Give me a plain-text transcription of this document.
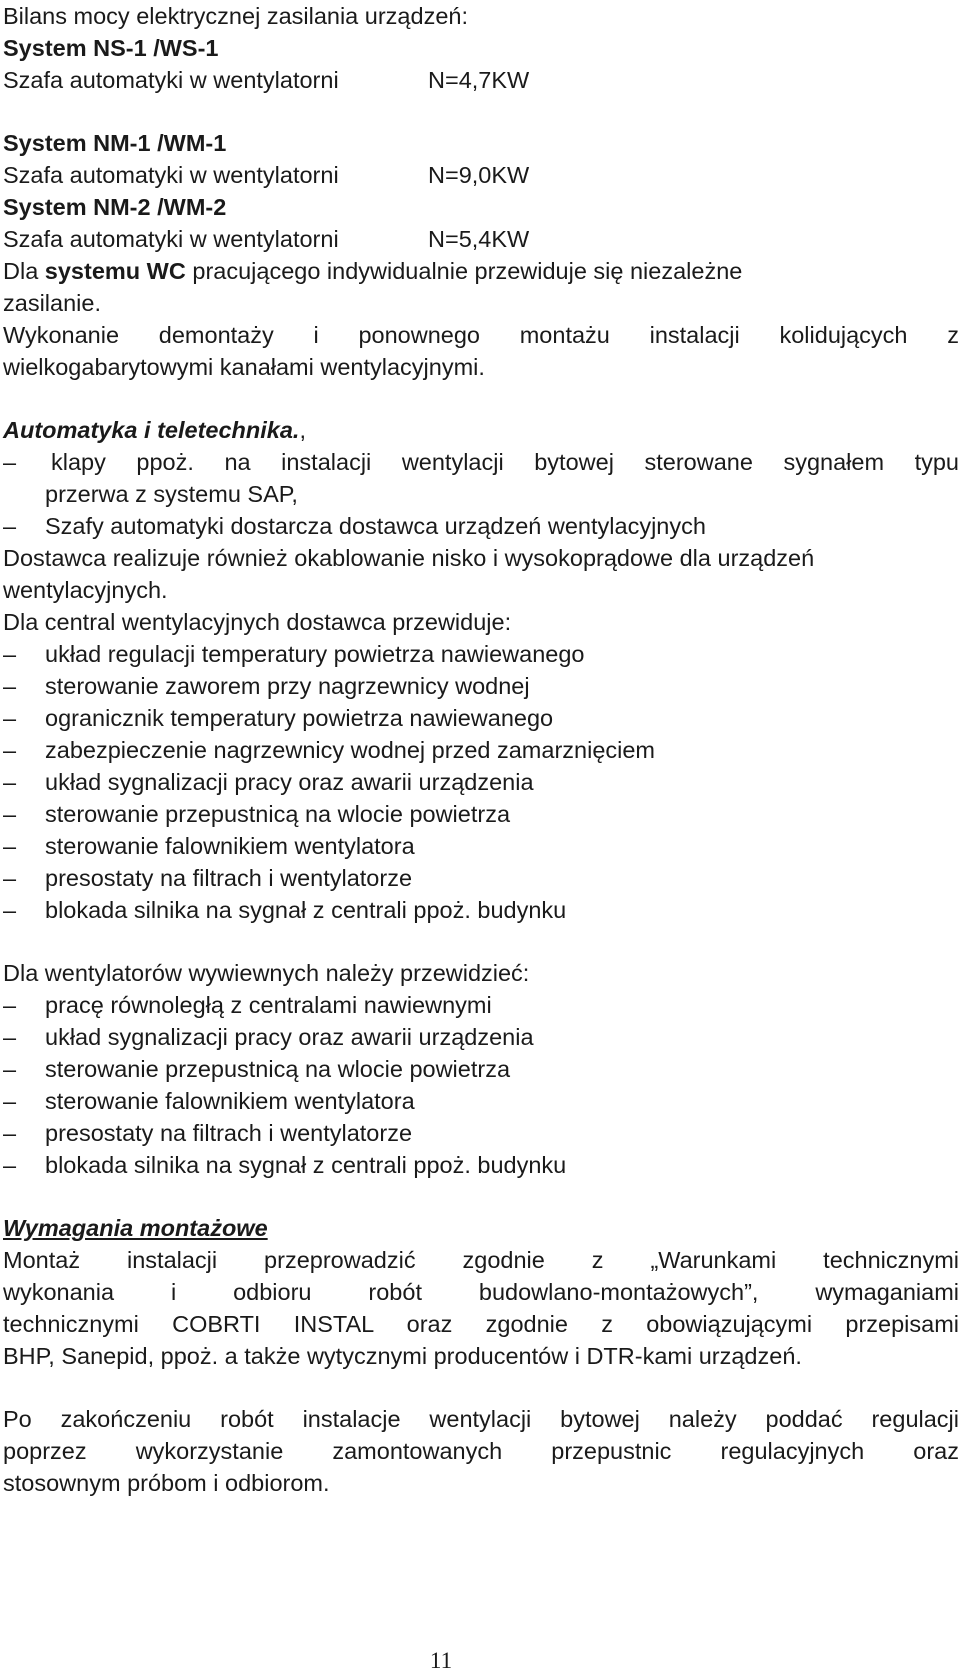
Bilans mocy elektrycznej zasilania urządzeń:
System NS-1 /WS-1
Szafa automatyki w wentylatorni	N=4,7KW
System NM-1 /WM-1
Szafa automatyki w wentylatorni	N=9,0KW
System NM-2 /WM-2
Szafa automatyki w wentylatorni	N=5,4KW
Dla systemu WC pracującego indywidualnie przewiduje się niezależne
zasilanie.
Wykonanie demontaży i ponownego montażu instalacji kolidujących z
wielkogabarytowymi kanałami wentylacyjnymi.
Automatyka i teletechnika.,
–	klapy ppoż. na instalacji wentylacji bytowej sterowane sygnałem typu
przerwa z systemu SAP,
–	Szafy automatyki dostarcza dostawca urządzeń wentylacyjnych
Dostawca realizuje również okablowanie nisko i wysokoprądowe dla urządzeń
wentylacyjnych.
Dla central wentylacyjnych dostawca przewiduje:
–	układ regulacji temperatury powietrza nawiewanego
–	sterowanie zaworem przy nagrzewnicy wodnej
–	ogranicznik temperatury powietrza nawiewanego
–	zabezpieczenie nagrzewnicy wodnej przed zamarznięciem
–	układ sygnalizacji pracy oraz awarii urządzenia
–	sterowanie przepustnicą na wlocie powietrza
–	sterowanie falownikiem wentylatora
–	presostaty na filtrach i wentylatorze
–	blokada silnika na sygnał z centrali ppoż. budynku
Dla wentylatorów wywiewnych należy przewidzieć:
–	pracę równoległą z centralami nawiewnymi
–	układ sygnalizacji pracy oraz awarii urządzenia
–	sterowanie przepustnicą na wlocie powietrza
–	sterowanie falownikiem wentylatora
–	presostaty na filtrach i wentylatorze
–	blokada silnika na sygnał z centrali ppoż. budynku
Wymagania montażowe
Montaż instalacji przeprowadzić zgodnie z „Warunkami technicznymi
wykonania i odbioru robót budowlano-montażowych”, wymaganiami
technicznymi COBRTI INSTAL oraz zgodnie z obowiązującymi przepisami
BHP, Sanepid, ppoż. a także wytycznymi producentów i DTR-kami urządzeń.
Po zakończeniu robót instalacje wentylacji bytowej należy poddać regulacji
poprzez wykorzystanie zamontowanych przepustnic regulacyjnych oraz
stosownym próbom i odbiorom.
11
